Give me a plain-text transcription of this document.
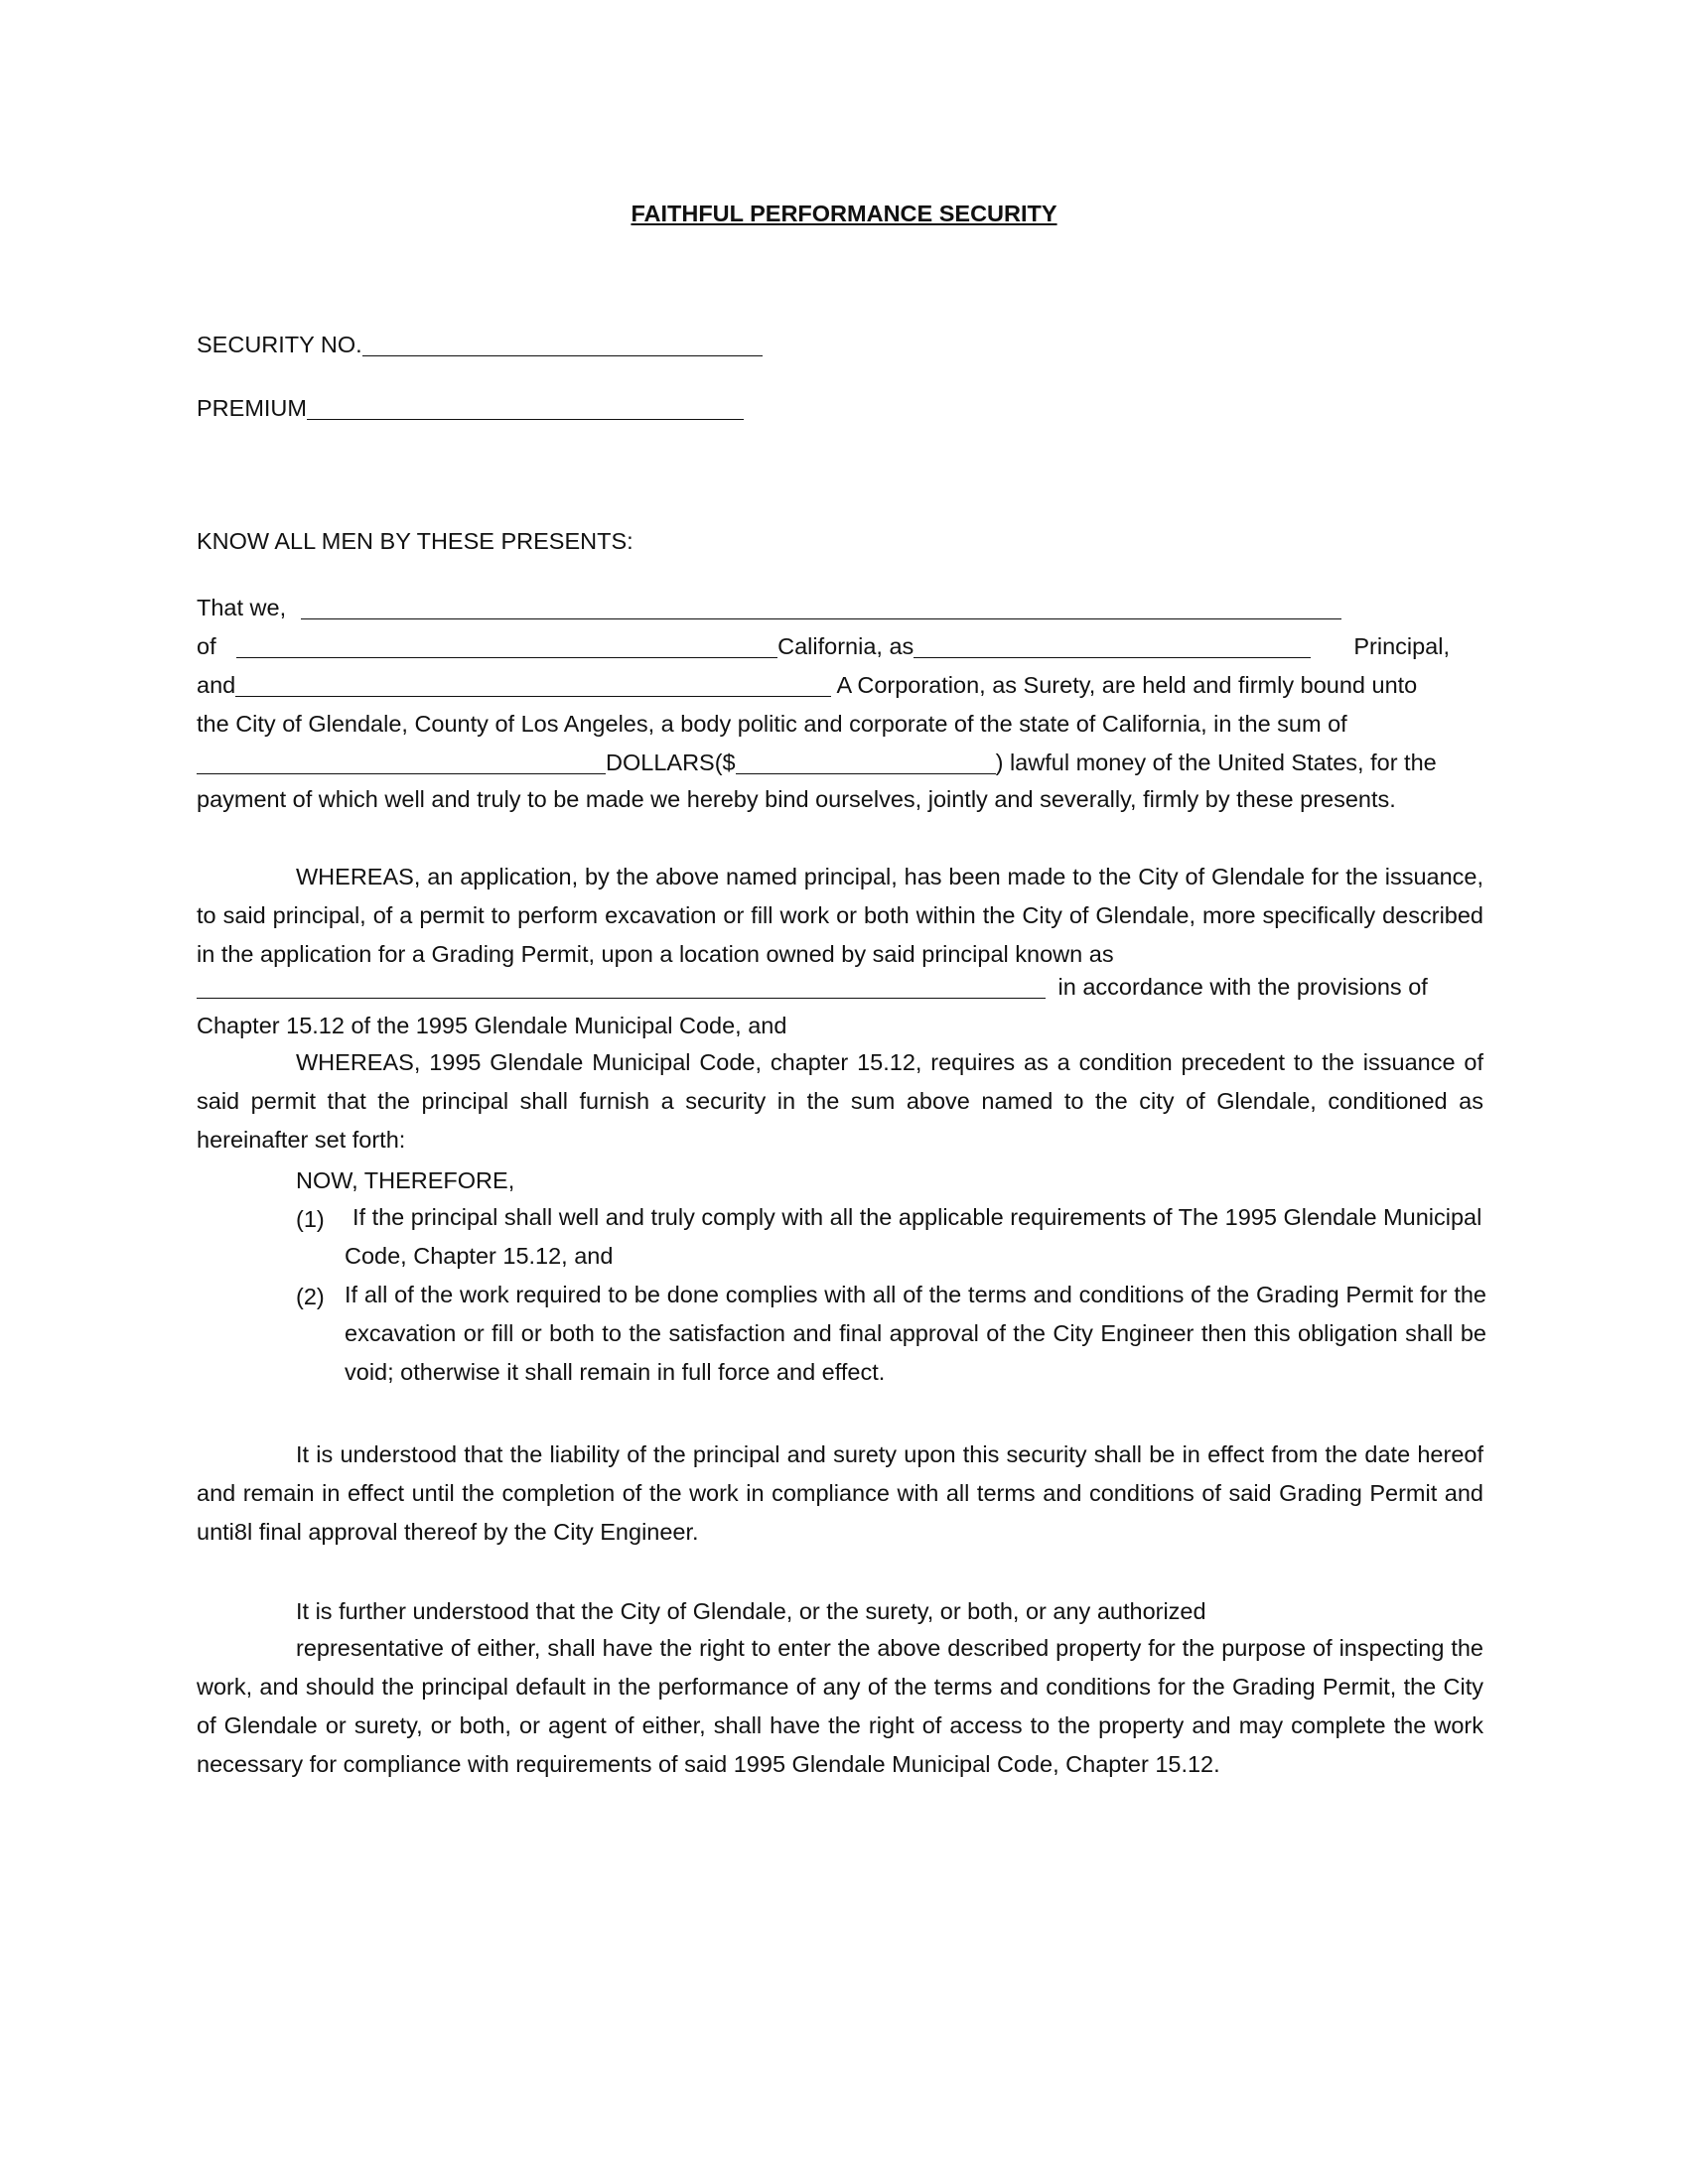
FAITHFUL PERFORMANCE SECURITY
SECURITY NO.
PREMIUM
KNOW ALL MEN BY THESE PRESENTS:
That we,
of	California, as	Principal,
and	A Corporation, as Surety, are held and firmly bound unto
the City of Glendale, County of Los Angeles, a body politic and corporate of the state of California, in the sum of
DOLLARS($	) lawful money of the United States, for the
payment of which well and truly to be made we hereby bind ourselves, jointly and severally, firmly by these presents.
WHEREAS, an application, by the above named principal, has been made to the City of Glendale for the issuance, to said principal, of a permit to perform excavation or fill work or both within the City of Glendale, more specifically described in the application for a Grading Permit, upon a location owned by said principal known as
in accordance with the provisions of
Chapter 15.12 of the 1995 Glendale Municipal Code, and
WHEREAS, 1995 Glendale Municipal Code, chapter 15.12, requires as a condition precedent to the issuance of said permit that the principal shall furnish a security in the sum above named to the city of Glendale, conditioned as hereinafter set forth:
NOW, THEREFORE,
(1)	If the principal shall well and truly comply with all the applicable requirements of The 1995 Glendale Municipal Code, Chapter 15.12, and
(2) If all of the work required to be done complies with all of the terms and conditions of the Grading Permit for the excavation or fill or both to the satisfaction and final approval of the City Engineer then this obligation shall be void; otherwise it shall remain in full force and effect.
It is understood that the liability of the principal and surety upon this security shall be in effect from the date hereof and remain in effect until the completion of the work in compliance with all terms and conditions of said Grading Permit and unti8l final approval thereof by the City Engineer.
It is further understood that the City of Glendale, or the surety, or both, or any authorized
representative of either, shall have the right to enter the above described property for the purpose of inspecting the work, and should the principal default in the performance of any of the terms and conditions for the Grading Permit, the City of Glendale or surety, or both, or agent of either, shall have the right of access to the property and may complete the work necessary for compliance with requirements of said 1995 Glendale Municipal Code, Chapter 15.12.
